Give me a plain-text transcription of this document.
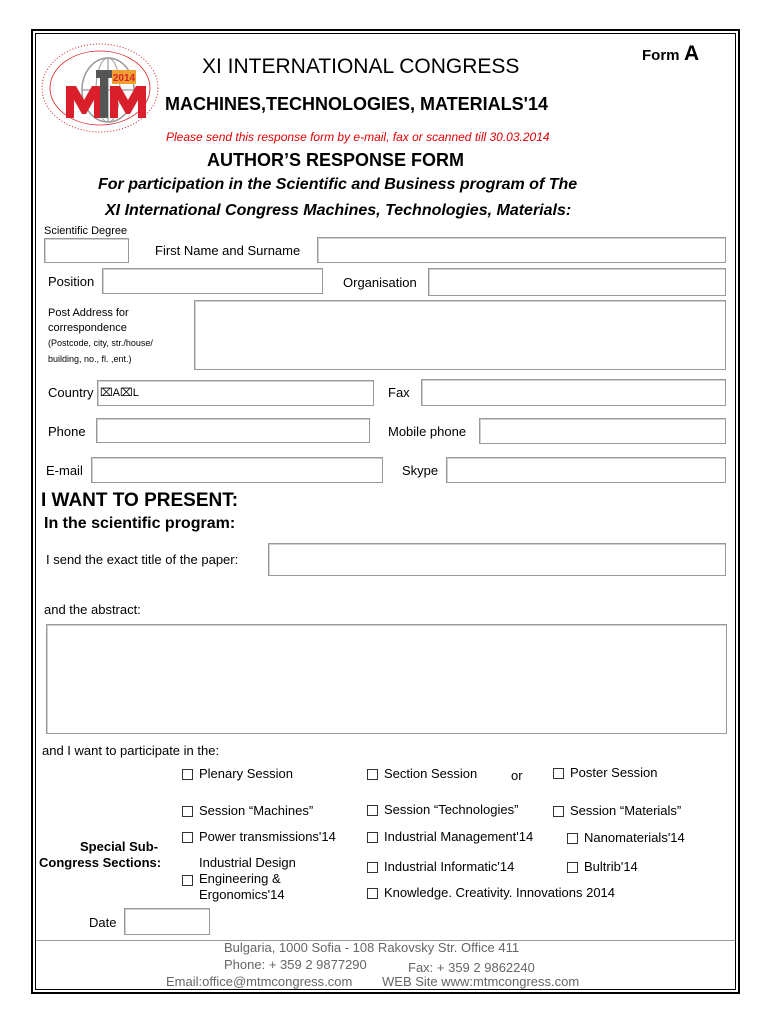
2014
Form A
XI INTERNATIONAL CONGRESS
MACHINES,TECHNOLOGIES, MATERIALS'14
Please send this response form by e-mail, fax or scanned till 30.03.2014
AUTHOR’S RESPONSE FORM
For participation in the Scientific and Business program of The
XI International Congress Machines, Technologies, Materials:
Scientific Degree
First Name and Surname
Position	Organisation
Post Address for
correspondence
(Postcode, city, str./house/
building, no., fl. ,ent.)
Country ⌧A⌧L	Fax
Phone	Mobile phone
E-mail	Skype
I WANT TO PRESENT:
In the scientific program:
I send the exact title of the paper:
and the abstract:
and I want to participate in the:
Plenary Session	Section Session	or	Poster Session
Session “Machines”	Session “Technologies”	Session “Materials”
Special Sub-
Congress Sections:
Power transmissions'14	Industrial Management'14	Nanomaterials'14
Industrial Design
Engineering &
Ergonomics'14
Industrial Informatic'14	Bultrib'14
Knowledge. Creativity. Innovations 2014
Date
Bulgaria, 1000 Sofia - 108 Rakovsky Str. Office 411
Phone: + 359 2 9877290	Fax: + 359 2 9862240
Email:office@mtmcongress.com WEB Site www:mtmcongress.com
